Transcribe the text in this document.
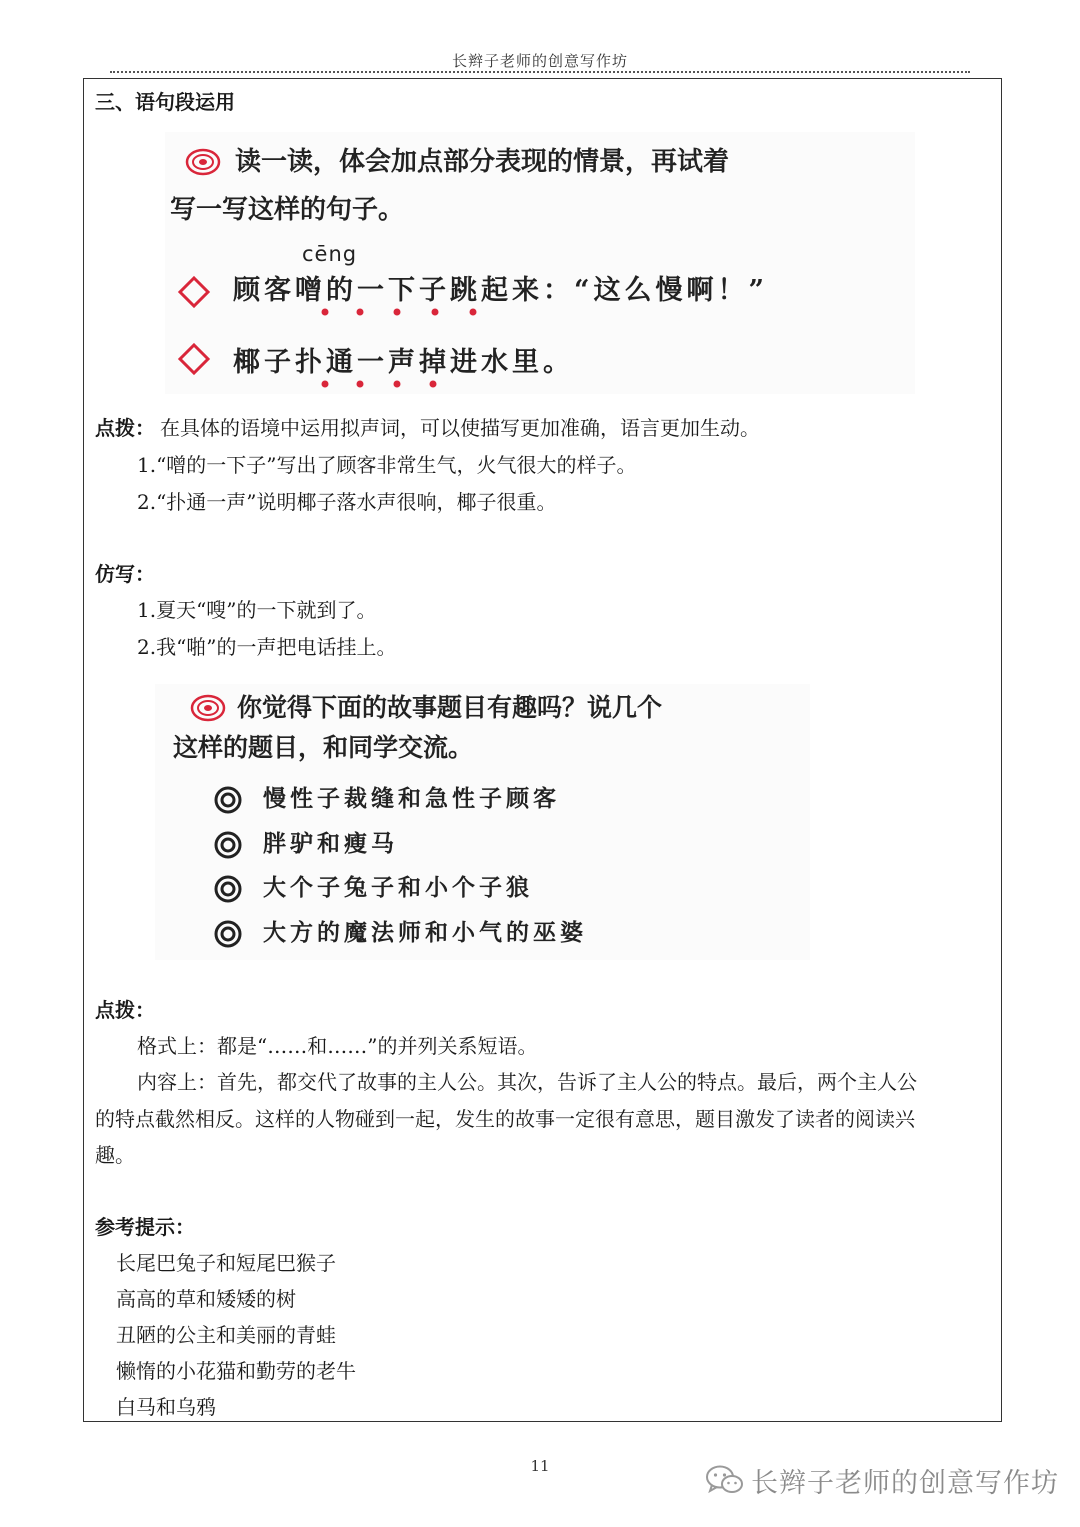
长辫子老师的创意写作坊
三、语句段运用
读一读，体会加点部分表现的情景，再试着
写一写这样的句子。
cēng
顾客噌的一下子跳起来：“这么慢啊！”
椰子扑通一声掉进水里。
点拨： 在具体的语境中运用拟声词，可以使描写更加准确，语言更加生动。
1.“噌的一下子”写出了顾客非常生气，火气很大的样子。
2.“扑通一声”说明椰子落水声很响，椰子很重。
仿写：
1.夏天“嗖”的一下就到了。
2.我“啪”的一声把电话挂上。
你觉得下面的故事题目有趣吗？说几个
这样的题目，和同学交流。
慢性子裁缝和急性子顾客
胖驴和瘦马
大个子兔子和小个子狼
大方的魔法师和小气的巫婆
点拨：
格式上：都是“……和……”的并列关系短语。
内容上：首先，都交代了故事的主人公。其次，告诉了主人公的特点。最后，两个主人公
的特点截然相反。这样的人物碰到一起，发生的故事一定很有意思，题目激发了读者的阅读兴
趣。
参考提示：
长尾巴兔子和短尾巴猴子
高高的草和矮矮的树
丑陋的公主和美丽的青蛙
懒惰的小花猫和勤劳的老牛
白马和乌鸦
11
长辫子老师的创意写作坊
